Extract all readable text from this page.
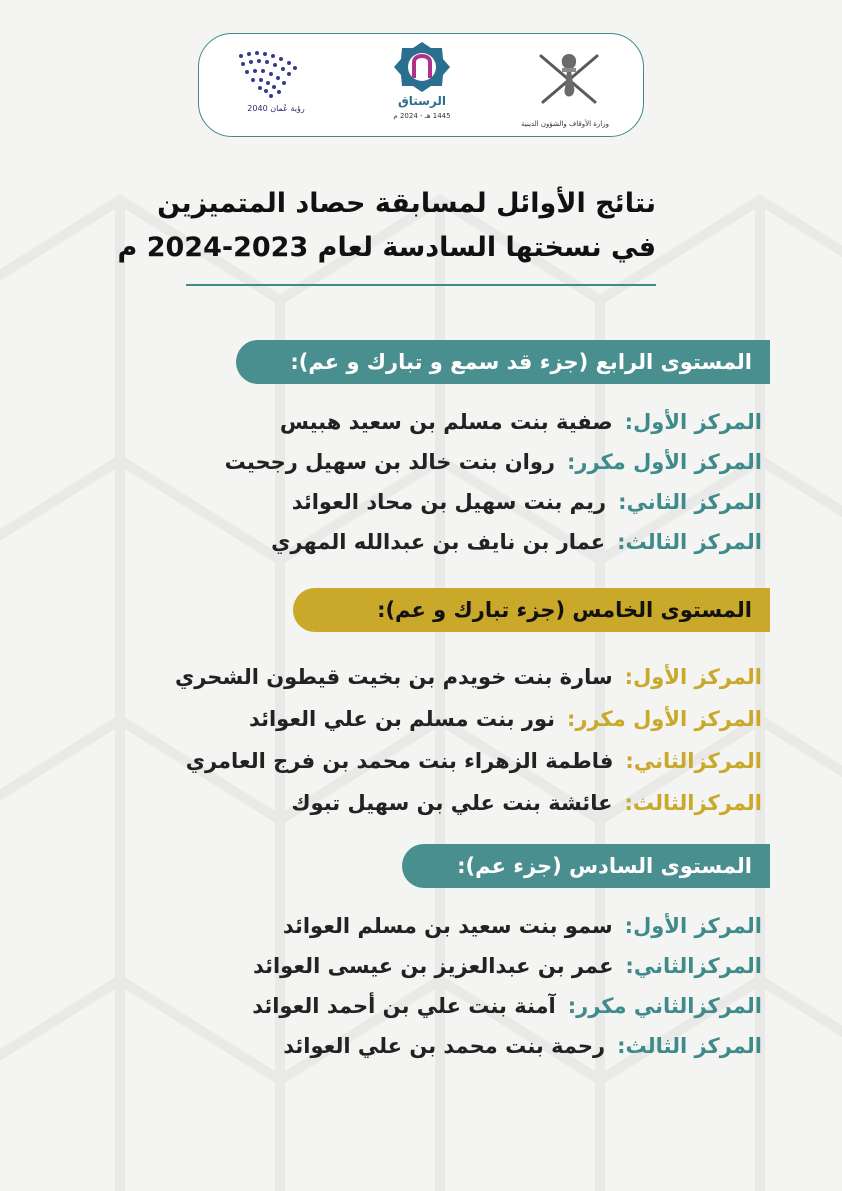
وزارة الأوقاف والشؤون الدينية
الرستاق
1445 هـ - 2024 م
رؤية عُمان 2040
نتائج الأوائل لمسابقة حصاد المتميزين
في نسختها السادسة لعام 2023-2024 م
المستوى الرابع (جزء قد سمع و تبارك و عم):
المركز الأول:صفية بنت مسلم بن سعيد هبيس
المركز الأول مكرر:روان بنت خالد بن سهيل رجحيت
المركز الثاني:ريم بنت سهيل بن محاد العوائد
المركز الثالث:عمار بن نايف بن عبدالله المهري
المستوى الخامس (جزء تبارك و عم):
المركز الأول:سارة بنت خويدم بن بخيت قيطون الشحري
المركز الأول مكرر:نور بنت مسلم بن علي العوائد
المركزالثاني:فاطمة الزهراء بنت محمد بن فرج العامري
المركزالثالث:عائشة بنت علي بن سهيل تبوك
المستوى السادس (جزء عم):
المركز الأول:سمو بنت سعيد بن مسلم العوائد
المركزالثاني:عمر بن عبدالعزيز بن عيسى العوائد
المركزالثاني مكرر:آمنة بنت علي بن أحمد العوائد
المركز الثالث:رحمة بنت محمد بن علي العوائد
